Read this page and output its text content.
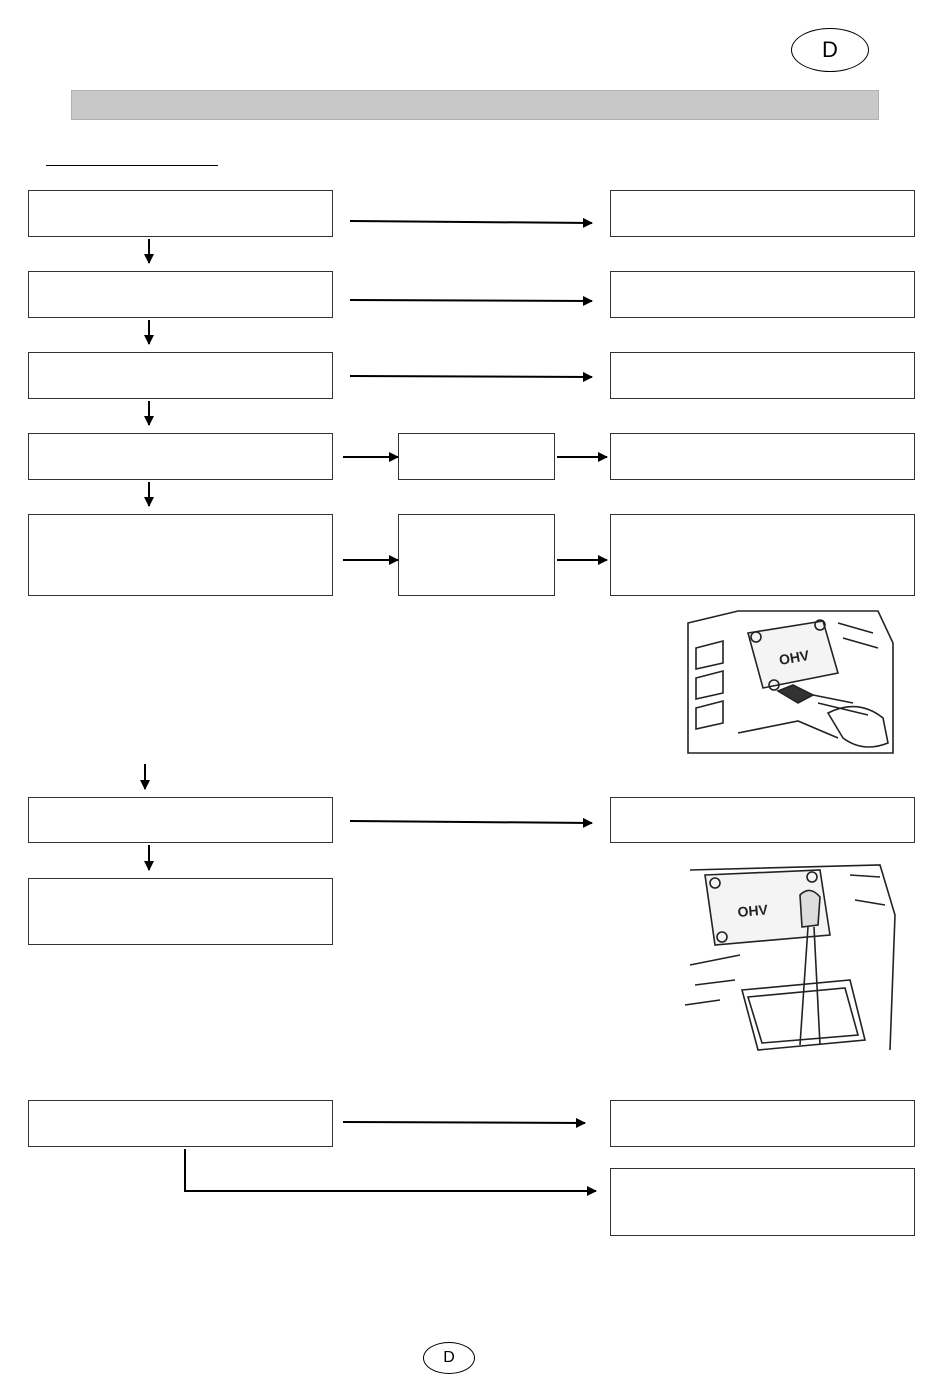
D
OHV
OHV
D
